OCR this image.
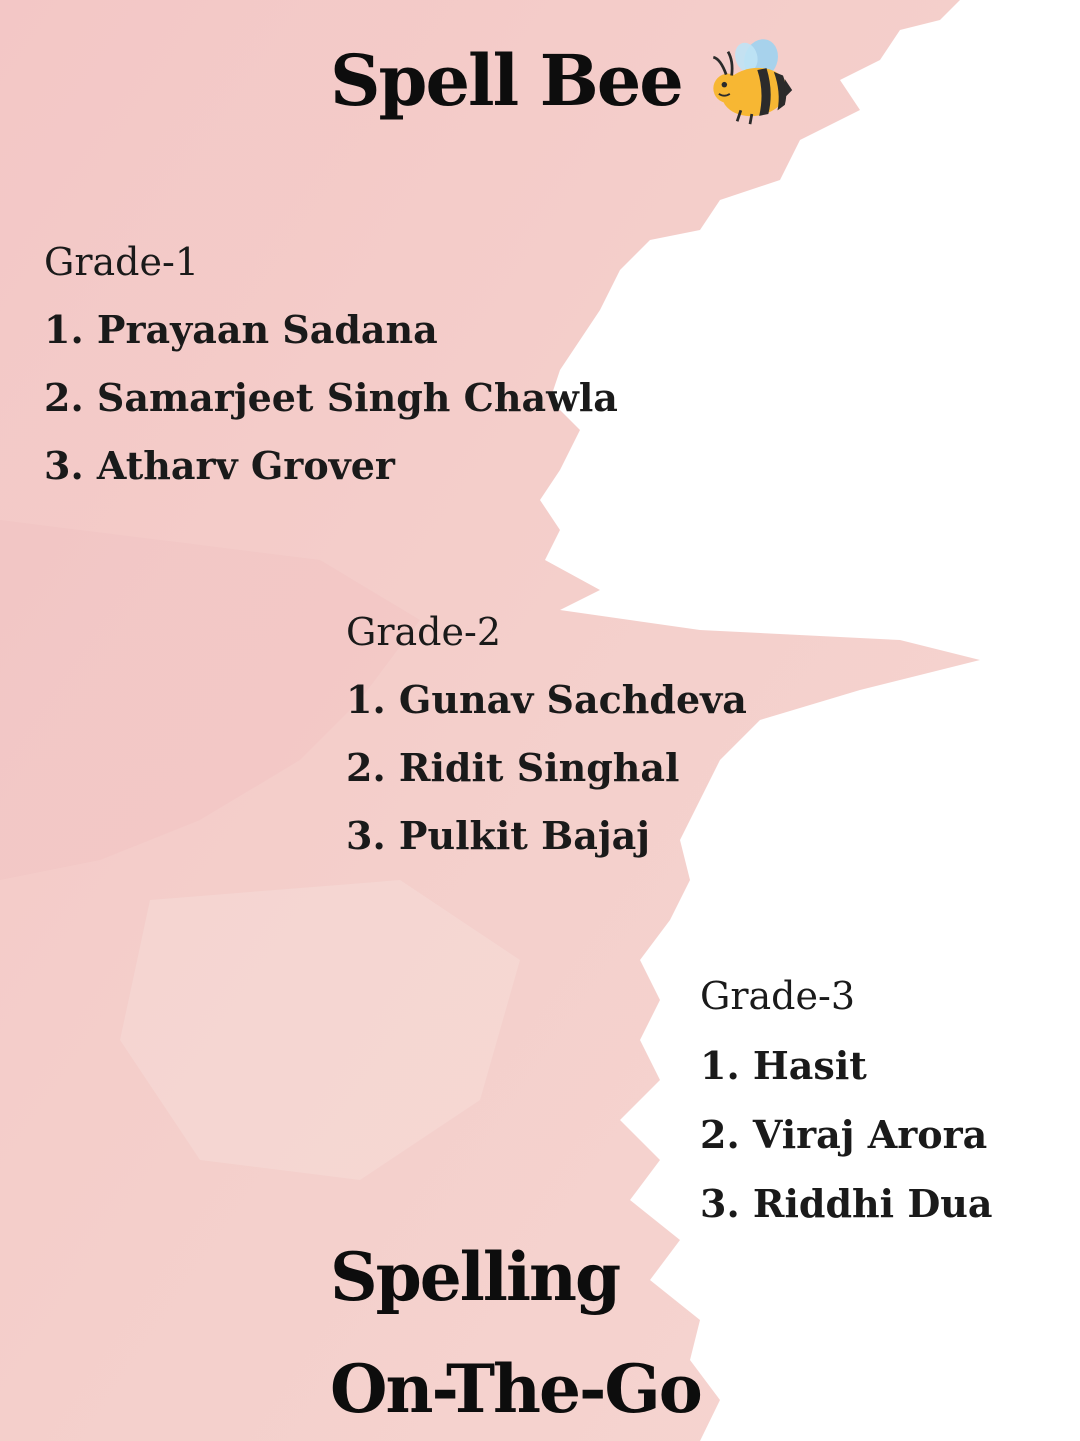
Spell Bee
Grade-1
1. Prayaan Sadana
2. Samarjeet Singh Chawla
3. Atharv Grover
Grade-2
1. Gunav Sachdeva
2. Ridit Singhal
3. Pulkit Bajaj
Grade-3
1. Hasit
2. Viraj Arora
3. Riddhi Dua
Spelling
On-The-Go
